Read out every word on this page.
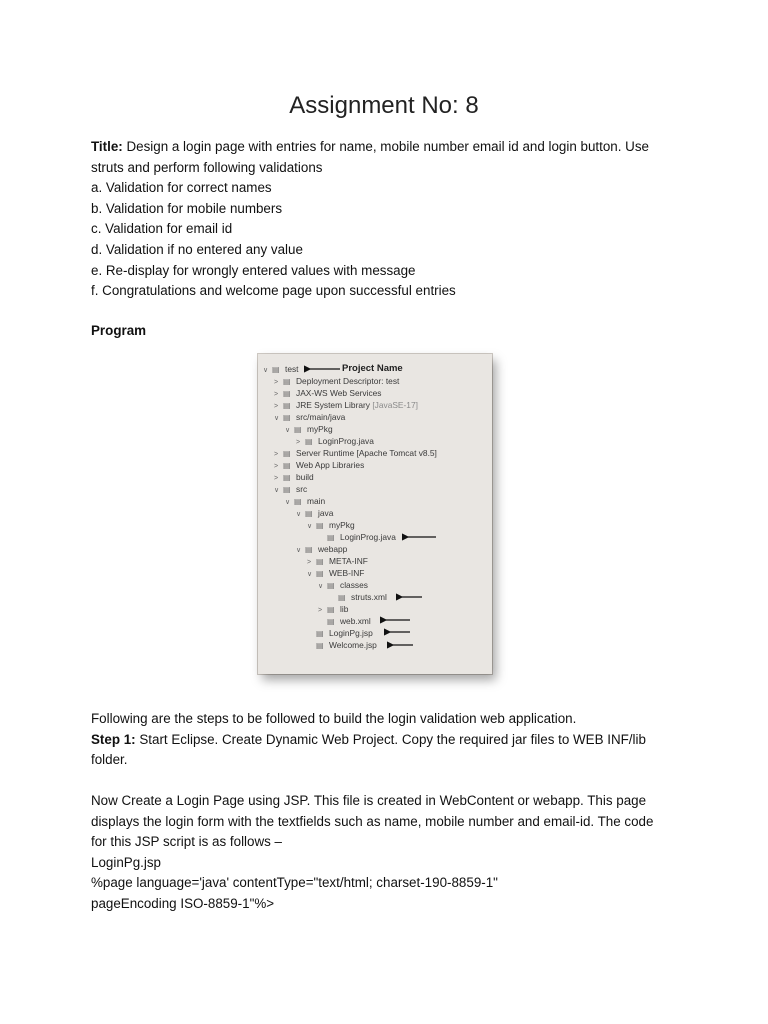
Assignment No: 8
Title: Design a login page with entries for name, mobile number email id and login button. Use
struts and perform following validations
a. Validation for correct names
b. Validation for mobile numbers
c. Validation for email id
d. Validation if no entered any value
e. Re-display for wrongly entered values with message
f. Congratulations and welcome page upon successful entries
Program
Project Name
∨ ▤ test
> ▤ Deployment Descriptor: test
> ▤ JAX-WS Web Services
> ▤ JRE System Library [JavaSE-17]
∨ ▤ src/main/java
∨ ▤ myPkg
> ▤ LoginProg.java
> ▤ Server Runtime [Apache Tomcat v8.5]
> ▤ Web App Libraries
> ▤ build
∨ ▤ src
∨ ▤ main
∨ ▤ java
∨ ▤ myPkg
▤ LoginProg.java
∨ ▤ webapp
> ▤ META-INF
∨ ▤ WEB-INF
∨ ▤ classes
▤ struts.xml
> ▤ lib
▤ web.xml
▤ LoginPg.jsp
▤ Welcome.jsp
Following are the steps to be followed to build the login validation web application.
Step 1: Start Eclipse. Create Dynamic Web Project. Copy the required jar files to WEB INF/lib
folder.
Now Create a Login Page using JSP. This file is created in WebContent or webapp. This page
displays the login form with the textfields such as name, mobile number and email-id. The code
for this JSP script is as follows –
LoginPg.jsp
%page language='java' contentType="text/html; charset-190-8859-1"
pageEncoding ISO-8859-1"%>
